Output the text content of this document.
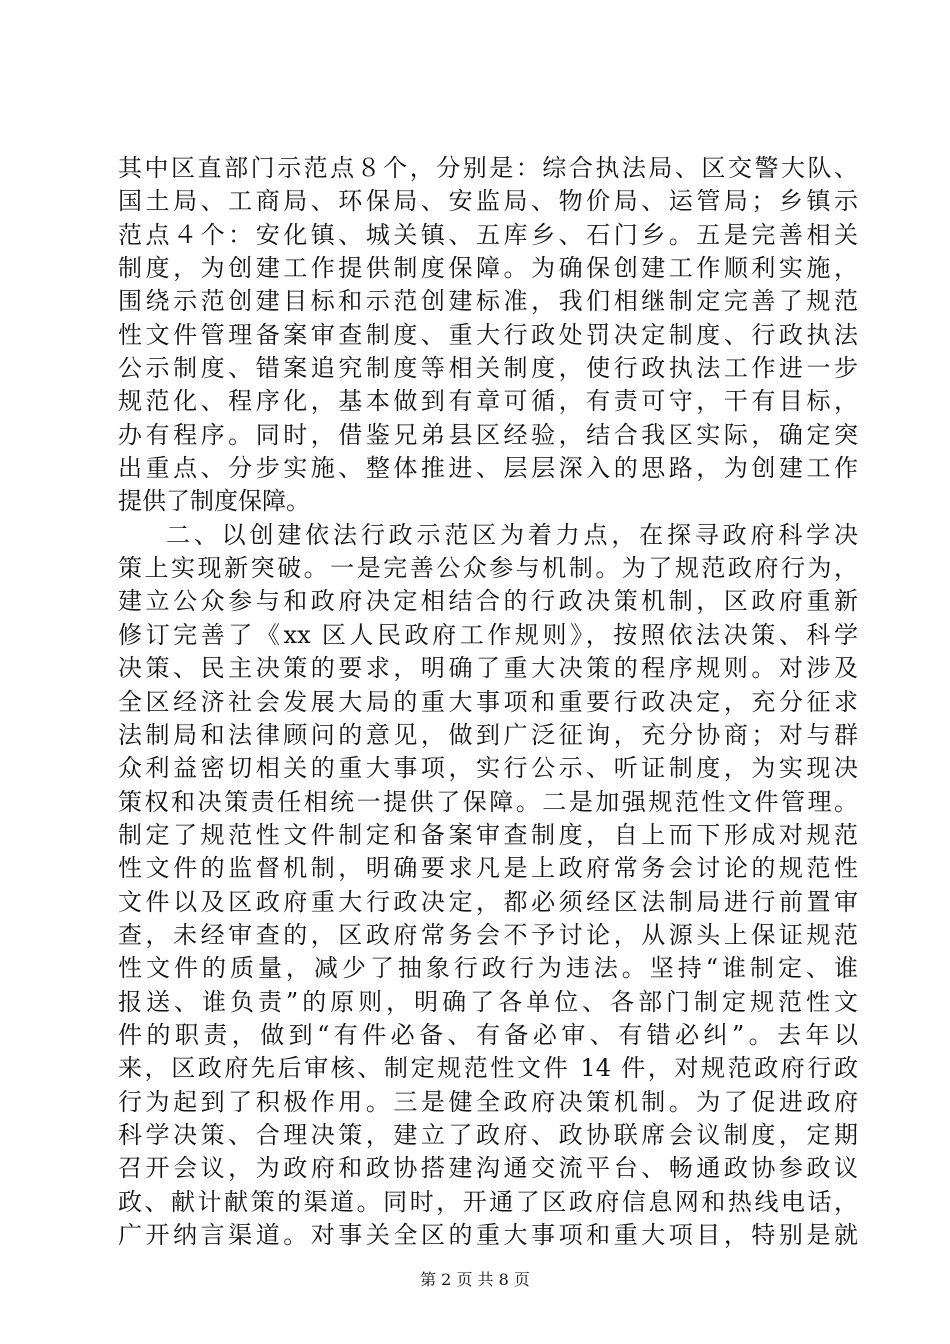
其中区直部门示范点８个，分别是：综合执法局、区交警大队、
国土局、工商局、环保局、安监局、物价局、运管局；乡镇示
范点４个：安化镇、城关镇、五库乡、石门乡。五是完善相关
制度，为创建工作提供制度保障。为确保创建工作顺利实施，
围绕示范创建目标和示范创建标准，我们相继制定完善了规范
性文件管理备案审查制度、重大行政处罚决定制度、行政执法
公示制度、错案追究制度等相关制度，使行政执法工作进一步
规范化、程序化，基本做到有章可循，有责可守，干有目标，
办有程序。同时，借鉴兄弟县区经验，结合我区实际，确定突
出重点、分步实施、整体推进、层层深入的思路，为创建工作
提供了制度保障。
二、以创建依法行政示范区为着力点，在探寻政府科学决
策上实现新突破。一是完善公众参与机制。为了规范政府行为，
建立公众参与和政府决定相结合的行政决策机制，区政府重新
修订完善了《xx 区人民政府工作规则》，按照依法决策、科学
决策、民主决策的要求，明确了重大决策的程序规则。对涉及
全区经济社会发展大局的重大事项和重要行政决定，充分征求
法制局和法律顾问的意见，做到广泛征询，充分协商；对与群
众利益密切相关的重大事项，实行公示、听证制度，为实现决
策权和决策责任相统一提供了保障。二是加强规范性文件管理。
制定了规范性文件制定和备案审查制度，自上而下形成对规范
性文件的监督机制，明确要求凡是上政府常务会讨论的规范性
文件以及区政府重大行政决定，都必须经区法制局进行前置审
查，未经审查的，区政府常务会不予讨论，从源头上保证规范
性文件的质量，减少了抽象行政行为违法。坚持“谁制定、谁
报送、谁负责”的原则，明确了各单位、各部门制定规范性文
件的职责，做到“有件必备、有备必审、有错必纠”。去年以
来，区政府先后审核、制定规范性文件 14 件，对规范政府行政
行为起到了积极作用。三是健全政府决策机制。为了促进政府
科学决策、合理决策，建立了政府、政协联席会议制度，定期
召开会议，为政府和政协搭建沟通交流平台、畅通政协参政议
政、献计献策的渠道。同时，开通了区政府信息网和热线电话，
广开纳言渠道。对事关全区的重大事项和重大项目，特别是就
第 2 页 共 8 页
